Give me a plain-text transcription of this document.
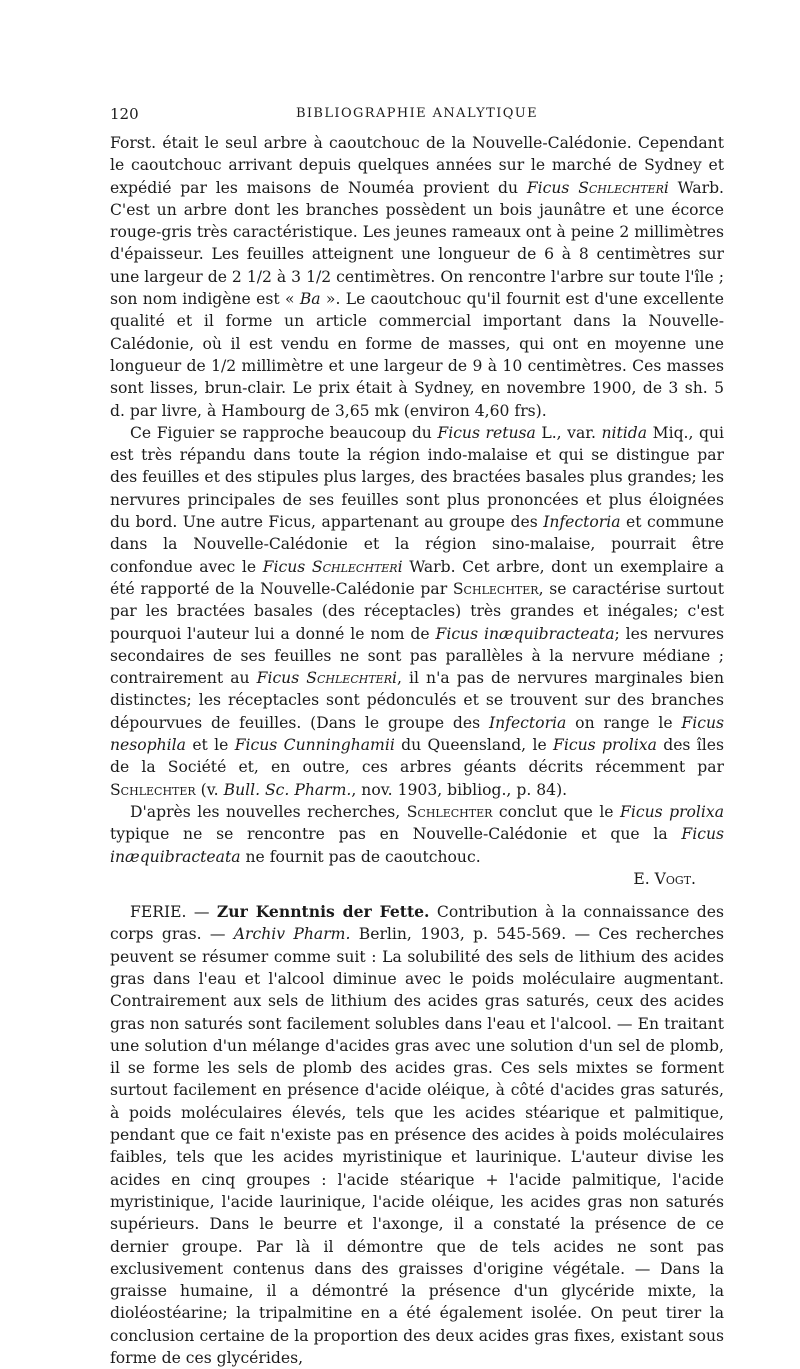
120	BIBLIOGRAPHIE ANALYTIQUE

Forst. était le seul arbre à caoutchouc de la Nouvelle-Calédonie. Cependant le caoutchouc arrivant depuis quelques années sur le marché de Sydney et expédié par les maisons de Nouméa provient du Ficus Schlechteri Warb. C'est un arbre dont les branches possèdent un bois jaunâtre et une écorce rouge-gris très caractéristique. Les jeunes rameaux ont à peine 2 millimètres d'épaisseur. Les feuilles atteignent une longueur de 6 à 8 centimètres sur une largeur de 2 1/2 à 3 1/2 centimètres. On rencontre l'arbre sur toute l'île ; son nom indigène est « Ba ». Le caoutchouc qu'il fournit est d'une excellente qualité et il forme un article commercial important dans la Nouvelle-Calédonie, où il est vendu en forme de masses, qui ont en moyenne une longueur de 1/2 millimètre et une largeur de 9 à 10 centimètres. Ces masses sont lisses, brun-clair. Le prix était à Sydney, en novembre 1900, de 3 sh. 5 d. par livre, à Hambourg de 3,65 mk (environ 4,60 frs).

Ce Figuier se rapproche beaucoup du Ficus retusa L., var. nitida Miq., qui est très répandu dans toute la région indo-malaise et qui se distingue par des feuilles et des stipules plus larges, des bractées basales plus grandes; les nervures principales de ses feuilles sont plus prononcées et plus éloignées du bord. Une autre Ficus, appartenant au groupe des Infectoria et commune dans la Nouvelle-Calédonie et la région sino-malaise, pourrait être confondue avec le Ficus Schlechteri Warb. Cet arbre, dont un exemplaire a été rapporté de la Nouvelle-Calédonie par Schlechter, se caractérise surtout par les bractées basales (des réceptacles) très grandes et inégales; c'est pourquoi l'auteur lui a donné le nom de Ficus inæquibracteata; les nervures secondaires de ses feuilles ne sont pas parallèles à la nervure médiane ; contrairement au Ficus Schlechteri, il n'a pas de nervures marginales bien distinctes; les réceptacles sont pédonculés et se trouvent sur des branches dépourvues de feuilles. (Dans le groupe des Infectoria on range le Ficus nesophila et le Ficus Cunninghamii du Queensland, le Ficus prolixa des îles de la Société et, en outre, ces arbres géants décrits récemment par Schlechter (v. Bull. Sc. Pharm., nov. 1903, bibliog., p. 84).

D'après les nouvelles recherches, Schlechter conclut que le Ficus prolixa typique ne se rencontre pas en Nouvelle-Calédonie et que la Ficus inæquibracteata ne fournit pas de caoutchouc.

E. Vogt.

FERIE. — Zur Kenntnis der Fette. Contribution à la connaissance des corps gras. — Archiv Pharm. Berlin, 1903, p. 545-569. — Ces recherches peuvent se résumer comme suit : La solubilité des sels de lithium des acides gras dans l'eau et l'alcool diminue avec le poids moléculaire augmentant. Contrairement aux sels de lithium des acides gras saturés, ceux des acides gras non saturés sont facilement solubles dans l'eau et l'alcool. — En traitant une solution d'un mélange d'acides gras avec une solution d'un sel de plomb, il se forme les sels de plomb des acides gras. Ces sels mixtes se forment surtout facilement en présence d'acide oléique, à côté d'acides gras saturés, à poids moléculaires élevés, tels que les acides stéarique et palmitique, pendant que ce fait n'existe pas en présence des acides à poids moléculaires faibles, tels que les acides myristinique et laurinique. L'auteur divise les acides en cinq groupes : l'acide stéarique + l'acide palmitique, l'acide myristinique, l'acide laurinique, l'acide oléique, les acides gras non saturés supérieurs. Dans le beurre et l'axonge, il a constaté la présence de ce dernier groupe. Par là il démontre que de tels acides ne sont pas exclusivement contenus dans des graisses d'origine végétale. — Dans la graisse humaine, il a démontré la présence d'un glycéride mixte, la dioléostéarine; la tripalmitine en a été également isolée. On peut tirer la conclusion certaine de la proportion des deux acides gras fixes, existant sous forme de ces glycérides,
